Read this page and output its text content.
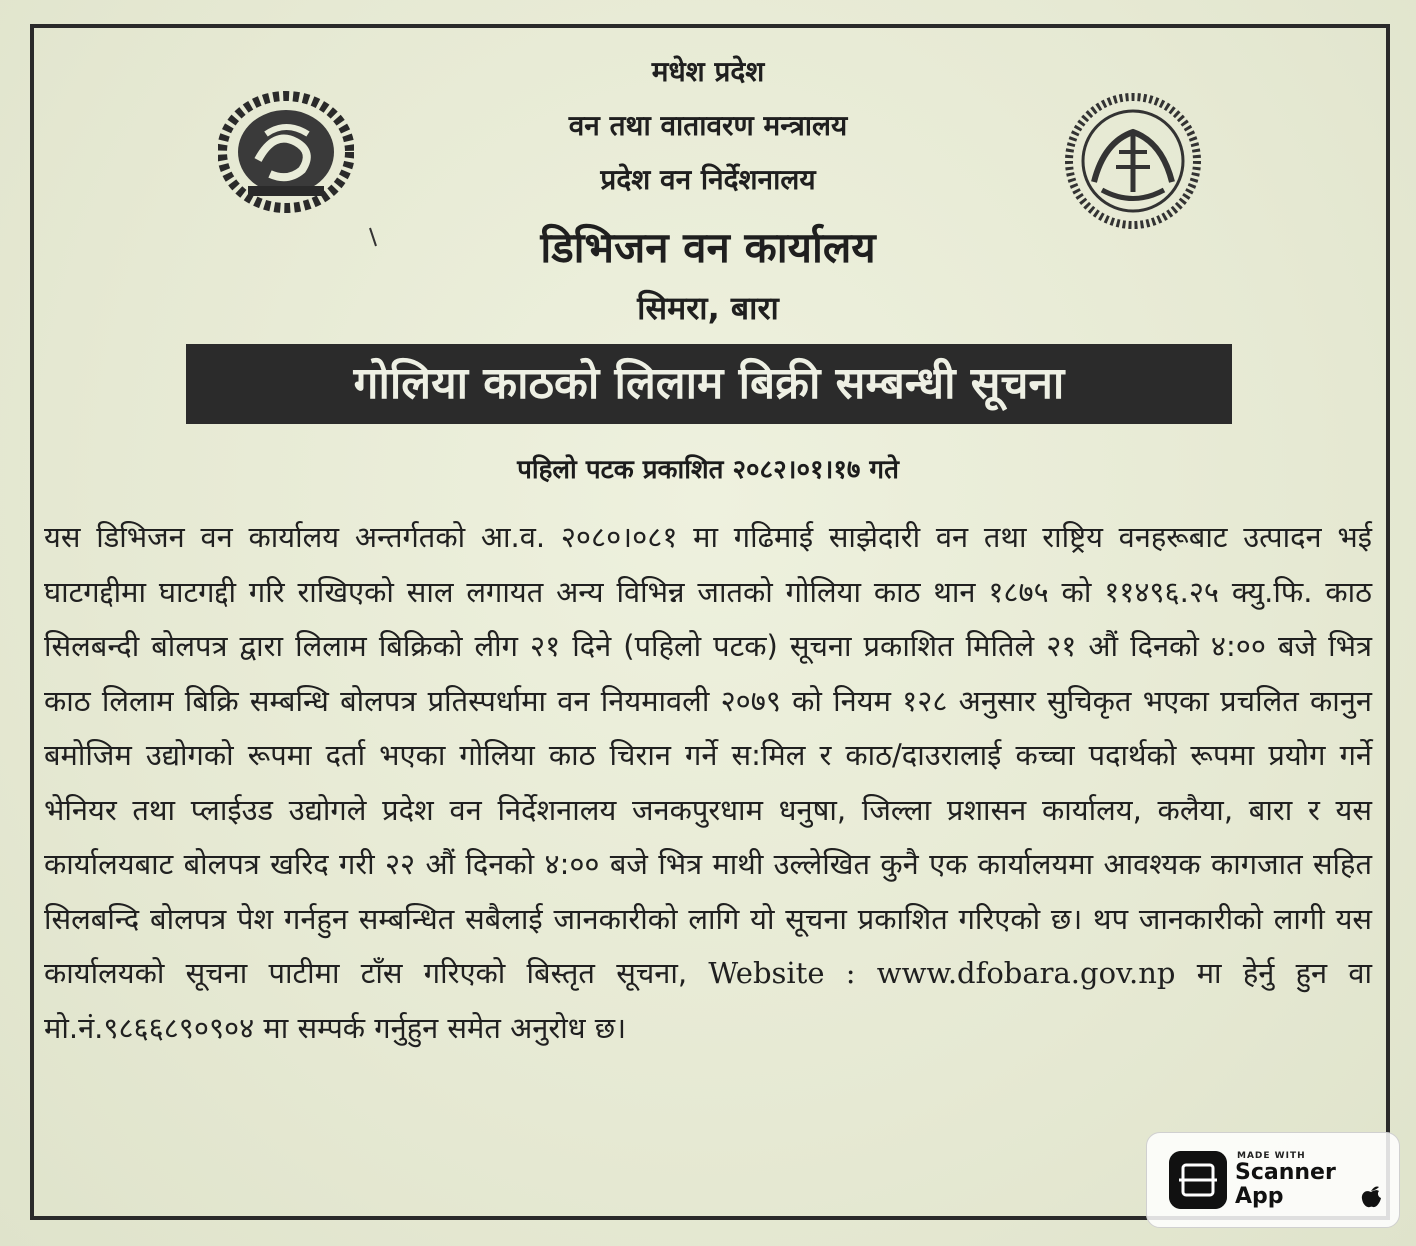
मधेश प्रदेश
वन तथा वातावरण मन्त्रालय
प्रदेश वन निर्देशनालय
डिभिजन वन कार्यालय
सिमरा, बारा
गोलिया काठको लिलाम बिक्री सम्बन्धी सूचना
पहिलो पटक प्रकाशित २०८२।०१।१७ गते
यस डिभिजन वन कार्यालय अन्तर्गतको आ.व. २०८०।०८१ मा गढिमाई साझेदारी वन तथा राष्ट्रिय वनहरूबाट उत्पादन भई घाटगद्दीमा घाटगद्दी गरि राखिएको साल लगायत अन्य विभिन्न जातको गोलिया काठ थान १८७५ को ११४९६.२५ क्यु.फि. काठ सिलबन्दी बोलपत्र द्वारा लिलाम बिक्रिको लीग २१ दिने (पहिलो पटक) सूचना प्रकाशित मितिले २१ औं दिनको ४:०० बजे भित्र काठ लिलाम बिक्रि सम्बन्धि बोलपत्र प्रतिस्पर्धामा वन नियमावली २०७९ को नियम १२८ अनुसार सुचिकृत भएका प्रचलित कानुन बमोजिम उद्योगको रूपमा दर्ता भएका गोलिया काठ चिरान गर्ने स:मिल र काठ/दाउरालाई कच्चा पदार्थको रूपमा प्रयोग गर्ने भेनियर तथा प्लाईउड उद्योगले प्रदेश वन निर्देशनालय जनकपुरधाम धनुषा, जिल्ला प्रशासन कार्यालय, कलैया, बारा र यस कार्यालयबाट बोलपत्र खरिद गरी २२ औं दिनको ४:०० बजे भित्र माथी उल्लेखित कुनै एक कार्यालयमा आवश्यक कागजात सहित सिलबन्दि बोलपत्र पेश गर्नहुन सम्बन्धित सबैलाई जानकारीको लागि यो सूचना प्रकाशित गरिएको छ। थप जानकारीको लागी यस कार्यालयको सूचना पाटीमा टाँस गरिएको बिस्तृत सूचना, Website : www.dfobara.gov.np मा हेर्नु हुन वा मो.नं.९८६६८९०९०४ मा सम्पर्क गर्नुहुन समेत अनुरोध छ।
MADE WITH
Scanner
App
